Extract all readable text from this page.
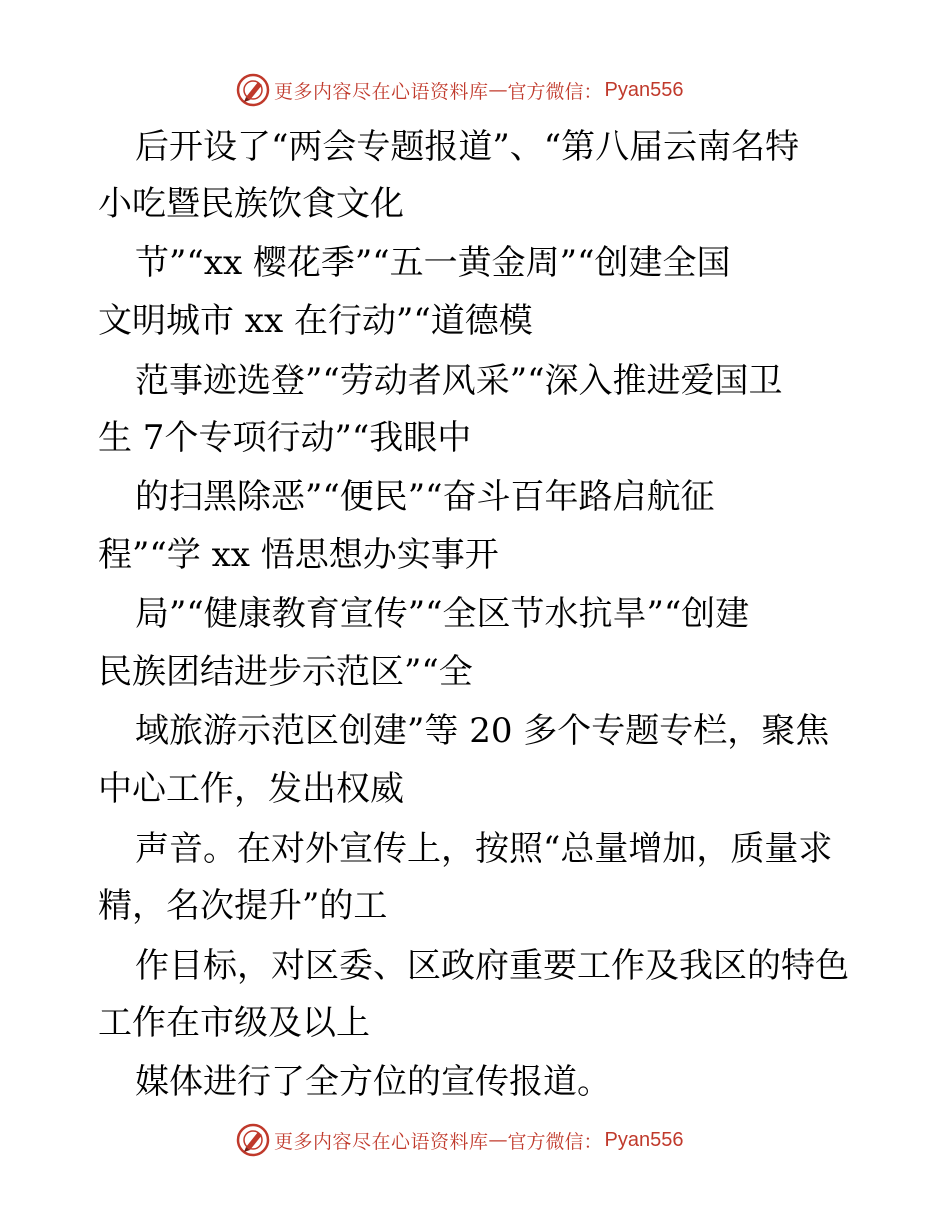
更多内容尽在心语资料库 — 官方微信： Pyan556
后开设了“两会专题报道”、“第八届云南名特
小吃暨民族饮食文化
节”“xx 樱花季”“五一黄金周”“创建全国
文明城市 xx 在行动”“道德模
范事迹选登”“劳动者风采”“深入推进爱国卫
生 7个专项行动”“我眼中
的扫黑除恶”“便民”“奋斗百年路启航征
程”“学 xx 悟思想办实事开
局”“健康教育宣传”“全区节水抗旱”“创建
民族团结进步示范区”“全
域旅游示范区创建”等 20 多个专题专栏，聚焦
中心工作，发出权威
声音。在对外宣传上，按照“总量增加，质量求
精，名次提升”的工
作目标，对区委、区政府重要工作及我区的特色
工作在市级及以上
媒体进行了全方位的宣传报道。
更多内容尽在心语资料库 — 官方微信： Pyan556
